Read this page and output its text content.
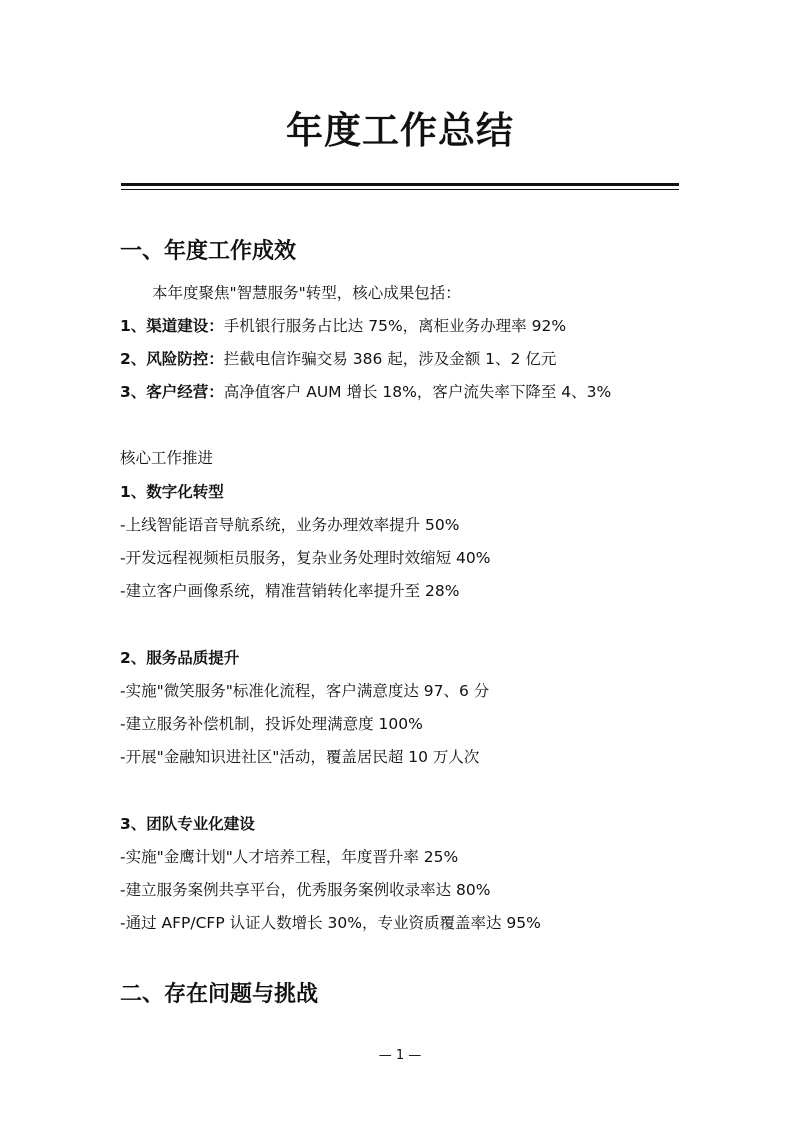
年度工作总结
一、年度工作成效
本年度聚焦"智慧服务"转型，核心成果包括：
1、渠道建设：手机银行服务占比达 75%，离柜业务办理率 92%
2、风险防控：拦截电信诈骗交易 386 起，涉及金额 1、2 亿元
3、客户经营：高净值客户 AUM 增长 18%，客户流失率下降至 4、3%
核心工作推进
1、数字化转型
-上线智能语音导航系统，业务办理效率提升 50%
-开发远程视频柜员服务，复杂业务处理时效缩短 40%
-建立客户画像系统，精准营销转化率提升至 28%
2、服务品质提升
-实施"微笑服务"标准化流程，客户满意度达 97、6 分
-建立服务补偿机制，投诉处理满意度 100%
-开展"金融知识进社区"活动，覆盖居民超 10 万人次
3、团队专业化建设
-实施"金鹰计划"人才培养工程，年度晋升率 25%
-建立服务案例共享平台，优秀服务案例收录率达 80%
-通过 AFP/CFP 认证人数增长 30%，专业资质覆盖率达 95%
二、存在问题与挑战
— 1 —
